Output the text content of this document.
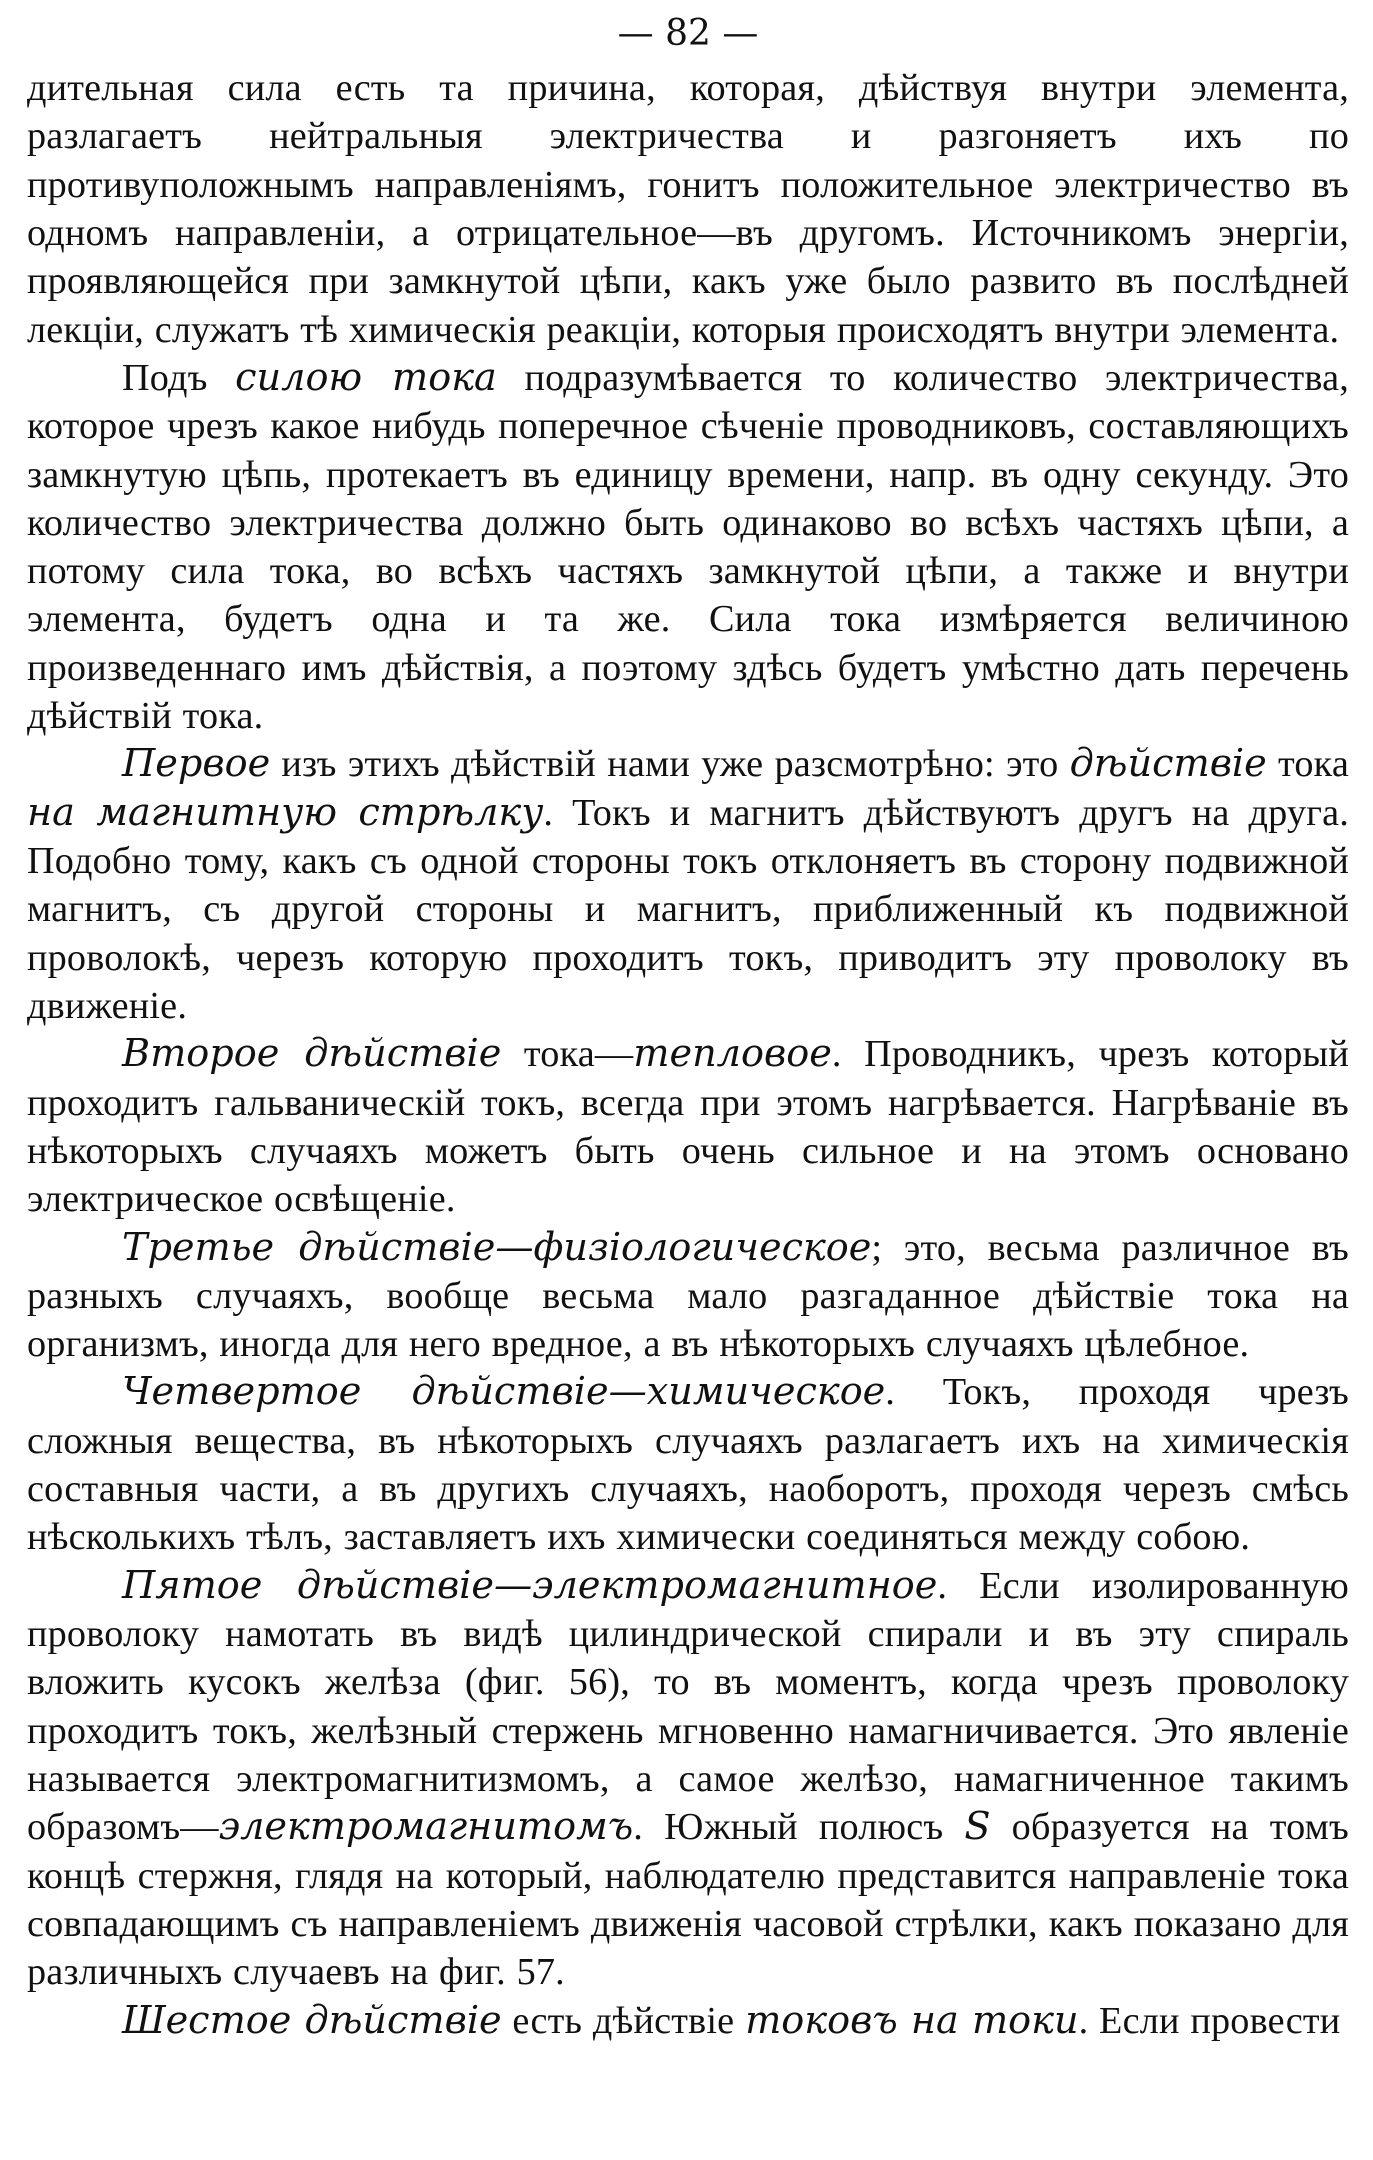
— 82 —

дительная сила есть та причина, которая, дѣйствуя внутри элемента, разлагаетъ нейтральныя электричества и разгоняетъ ихъ по противуположнымъ направленіямъ, гонитъ положительное электричество въ одномъ направленіи, а отрицательное—въ другомъ. Источникомъ энергіи, проявляющейся при замкнутой цѣпи, какъ уже было развито въ послѣдней лекціи, служатъ тѣ химическія реакціи, которыя происходятъ внутри элемента.

Подъ силою тока подразумѣвается то количество электричества, которое чрезъ какое нибудь поперечное сѣченіе проводниковъ, составляющихъ замкнутую цѣпь, протекаетъ въ единицу времени, напр. въ одну секунду. Это количество электричества должно быть одинаково во всѣхъ частяхъ цѣпи, а потому сила тока, во всѣхъ частяхъ замкнутой цѣпи, а также и внутри элемента, будетъ одна и та же. Сила тока измѣряется величиною произведеннаго имъ дѣйствія, а поэтому здѣсь будетъ умѣстно дать перечень дѣйствій тока.

Первое изъ этихъ дѣйствій нами уже разсмотрѣно: это дѣйствіе тока на магнитную стрѣлку. Токъ и магнитъ дѣйствуютъ другъ на друга. Подобно тому, какъ съ одной стороны токъ отклоняетъ въ сторону подвижной магнитъ, съ другой стороны и магнитъ, приближенный къ подвижной проволокѣ, черезъ которую проходитъ токъ, приводитъ эту проволоку въ движеніе.

Второе дѣйствіе тока—тепловое. Проводникъ, чрезъ который проходитъ гальваническій токъ, всегда при этомъ нагрѣвается. Нагрѣваніе въ нѣкоторыхъ случаяхъ можетъ быть очень сильное и на этомъ основано электрическое освѣщеніе.

Третье дѣйствіе—физіологическое; это, весьма различное въ разныхъ случаяхъ, вообще весьма мало разгаданное дѣйствіе тока на организмъ, иногда для него вредное, а въ нѣкоторыхъ случаяхъ цѣлебное.

Четвертое дѣйствіе—химическое. Токъ, проходя чрезъ сложныя вещества, въ нѣкоторыхъ случаяхъ разлагаетъ ихъ на химическія составныя части, а въ другихъ случаяхъ, наоборотъ, проходя черезъ смѣсь нѣсколькихъ тѣлъ, заставляетъ ихъ химически соединяться между собою.

Пятое дѣйствіе—электромагнитное. Если изолированную проволоку намотать въ видѣ цилиндрической спирали и въ эту спираль вложить кусокъ желѣза (фиг. 56), то въ моментъ, когда чрезъ проволоку проходитъ токъ, желѣзный стержень мгновенно намагничивается. Это явленіе называется электромагнитизмомъ, а самое желѣзо, намагниченное такимъ образомъ—электромагнитомъ. Южный полюсъ S образуется на томъ концѣ стержня, глядя на который, наблюдателю представится направленіе тока совпадающимъ съ направленіемъ движенія часовой стрѣлки, какъ показано для различныхъ случаевъ на фиг. 57.

Шестое дѣйствіе есть дѣйствіе токовъ на токи. Если провести
